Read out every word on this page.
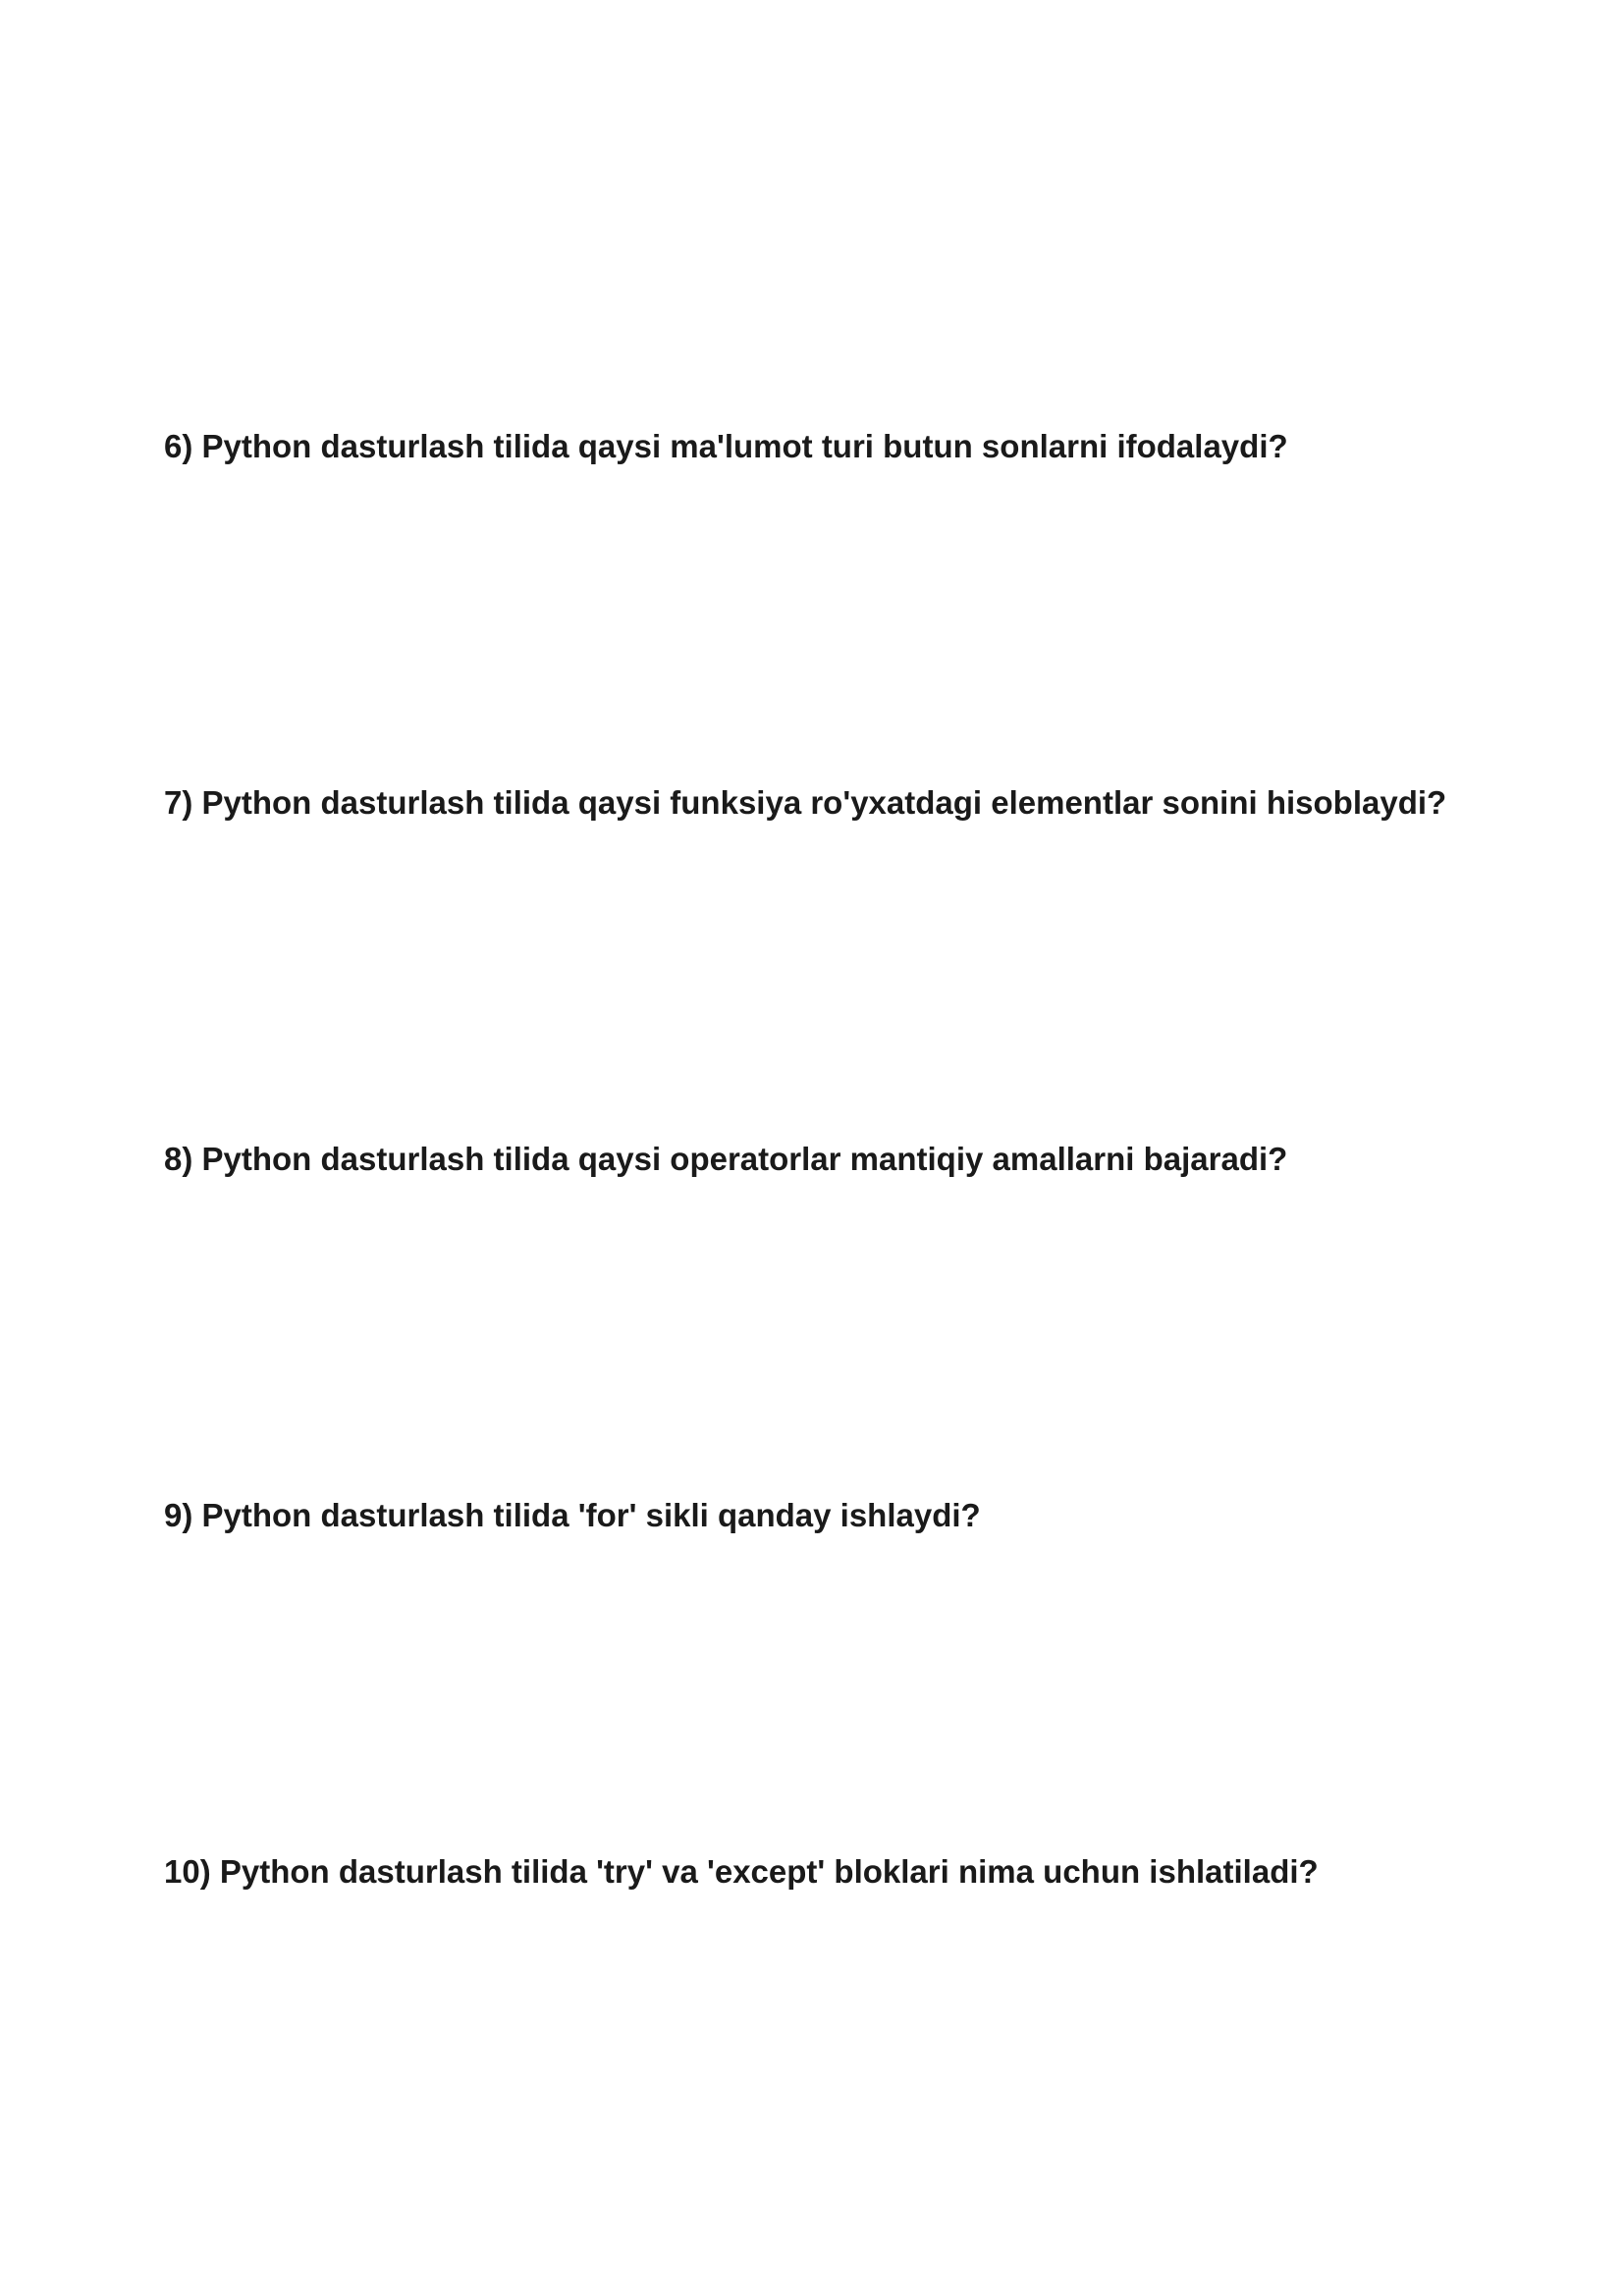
6) Python dasturlash tilida qaysi ma'lumot turi butun sonlarni ifodalaydi?

7) Python dasturlash tilida qaysi funksiya ro'yxatdagi elementlar sonini hisoblaydi?

8) Python dasturlash tilida qaysi operatorlar mantiqiy amallarni bajaradi?

9) Python dasturlash tilida 'for' sikli qanday ishlaydi?

10) Python dasturlash tilida 'try' va 'except' bloklari nima uchun ishlatiladi?
